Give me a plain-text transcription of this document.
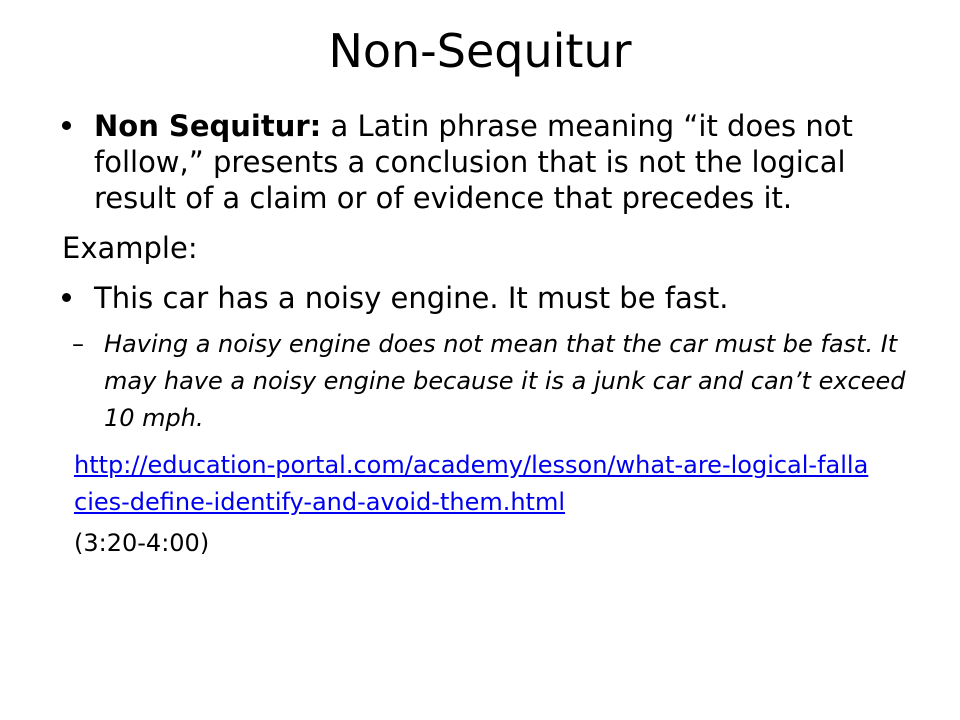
Non-Sequitur
Non Sequitur: a Latin phrase meaning “it does not follow,” presents a conclusion that is not the logical result of a claim or of evidence that precedes it.
Example:
This car has a noisy engine. It must be fast.
– Having a noisy engine does not mean that the car must be fast. It may have a noisy engine because it is a junk car and can’t exceed 10 mph.
http://education-portal.com/academy/lesson/what-are-logical-fallacies-define-identify-and-avoid-them.html
(3:20-4:00)
